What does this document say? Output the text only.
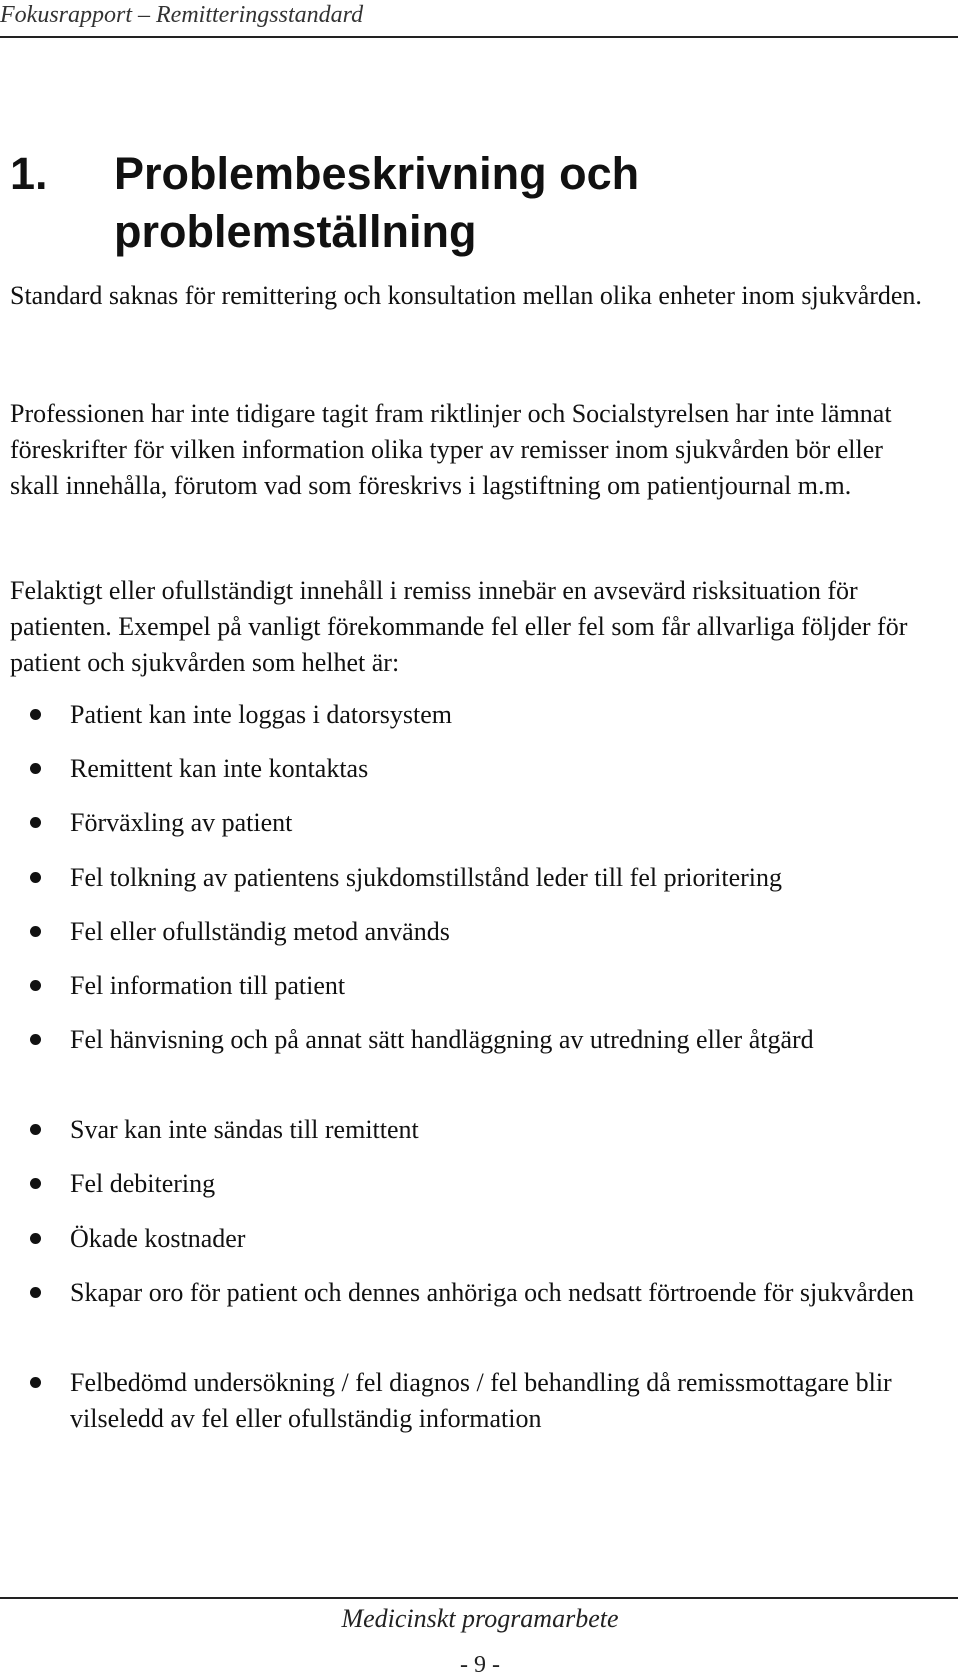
Fokusrapport – Remitteringsstandard
1. Problembeskrivning och problemställning

Standard saknas för remittering och konsultation mellan olika enheter inom sjukvården.

Professionen har inte tidigare tagit fram riktlinjer och Socialstyrelsen har inte lämnat föreskrifter för vilken information olika typer av remisser inom sjukvården bör eller skall innehålla, förutom vad som föreskrivs i lagstiftning om patientjournal m.m.

Felaktigt eller ofullständigt innehåll i remiss innebär en avsevärd risksituation för patienten. Exempel på vanligt förekommande fel eller fel som får allvarliga följder för patient och sjukvården som helhet är:

Patient kan inte loggas i datorsystem
Remittent kan inte kontaktas
Förväxling av patient
Fel tolkning av patientens sjukdomstillstånd leder till fel prioritering
Fel eller ofullständig metod används
Fel information till patient
Fel hänvisning och på annat sätt handläggning av utredning eller åtgärd
Svar kan inte sändas till remittent
Fel debitering
Ökade kostnader
Skapar oro för patient och dennes anhöriga och nedsatt förtroende för sjukvården
Felbedömd undersökning / fel diagnos / fel behandling då remissmottagare blir vilseledd av fel eller ofullständig information
Medicinskt programarbete
- 9 -
